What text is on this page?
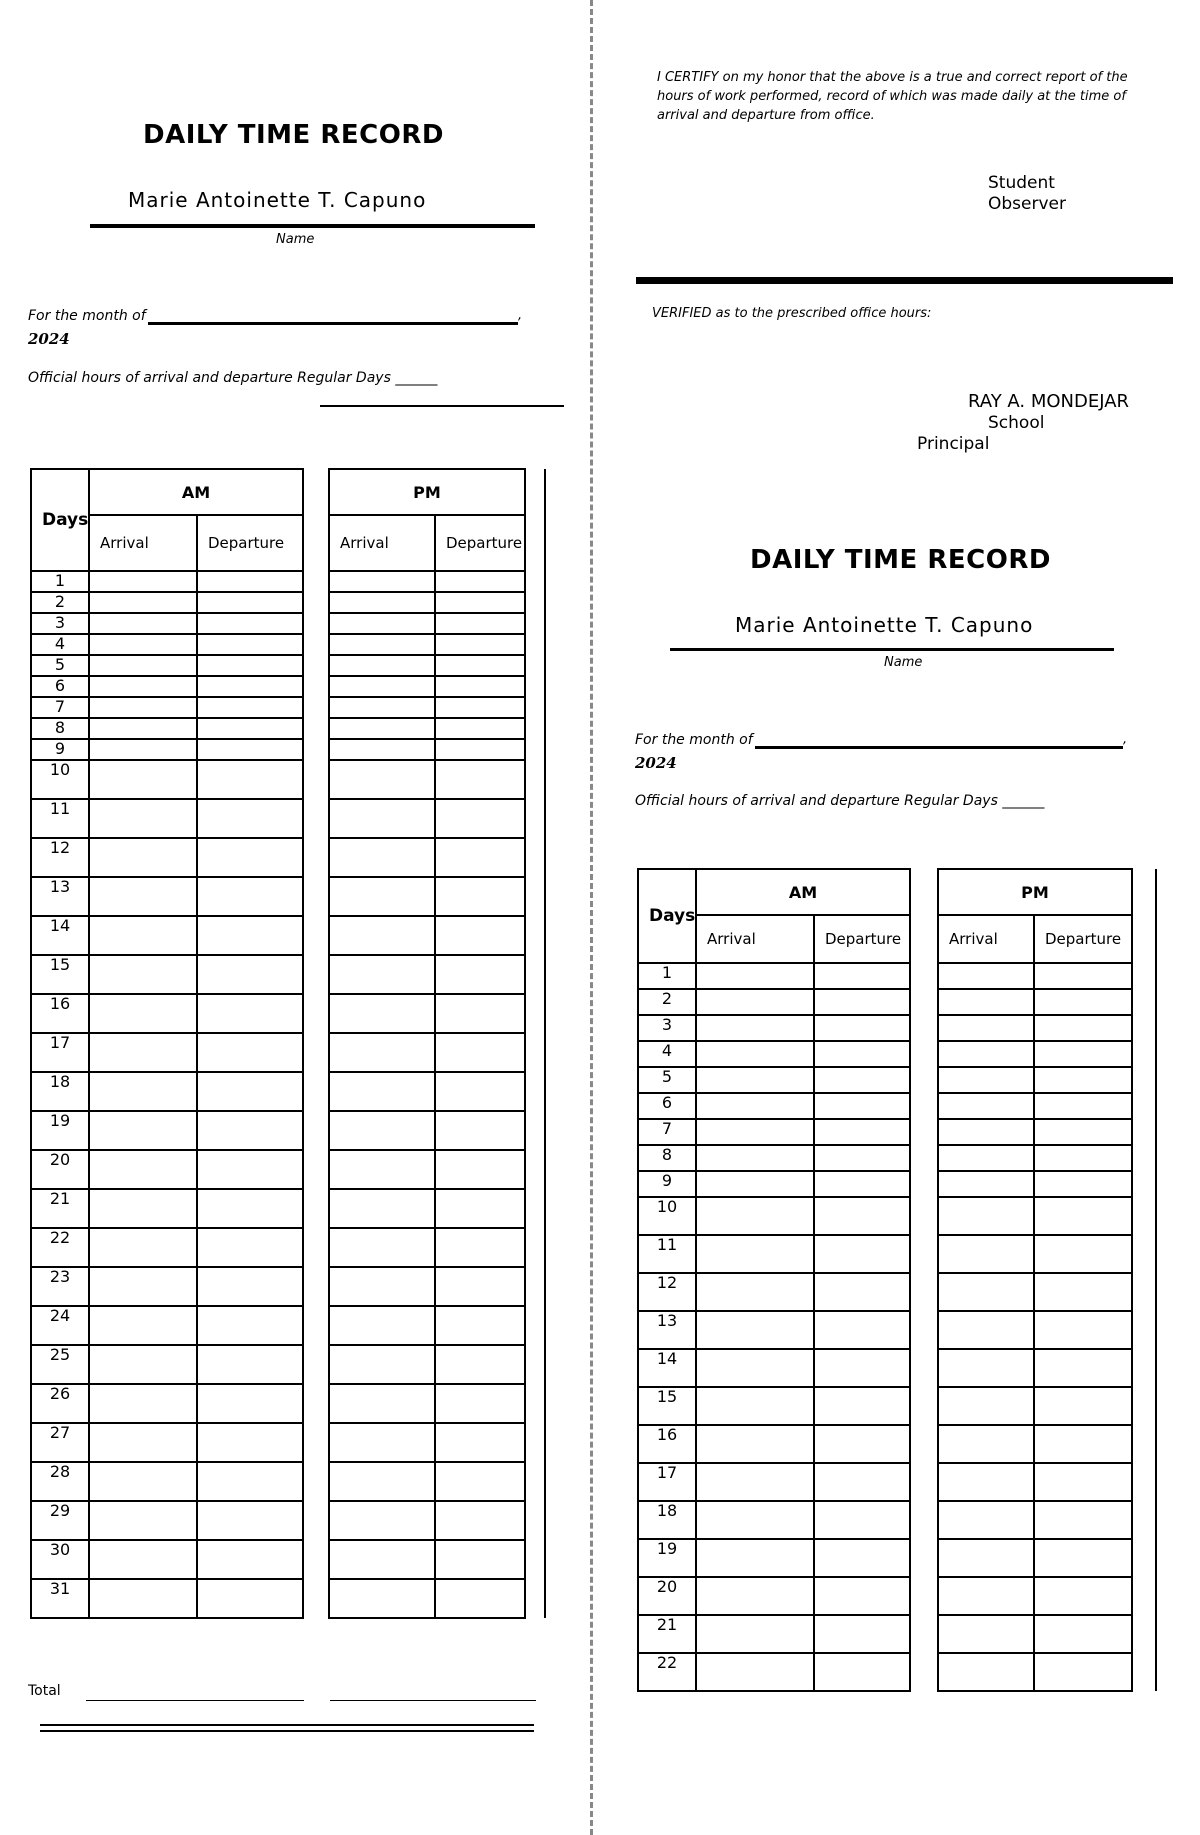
DAILY TIME RECORD
Marie Antoinette T. Capuno
Name
For the month of	,
2024
Official hours of arrival and departure Regular Days ______
Days	AM			PM		
	Arrival	Departure		Arrival	Departure	
1						
2						
3						
4						
5						
6						
7						
8						
9						
10						
11						
12						
13						
14						
15						
16						
17						
18						
19						
20						
21						
22						
23						
24						
25						
26						
27						
28						
29						
30						
31						
Total
I CERTIFY on my honor that the above is a true and correct report of the hours of work performed, record of which was made daily at the time of arrival and departure from office.
Student
Observer
VERIFIED as to the prescribed office hours:
RAY A. MONDEJAR
School
Principal
DAILY TIME RECORD
Marie Antoinette T. Capuno
Name
For the month of	,
2024
Official hours of arrival and departure Regular Days ______
Days	AM			PM		
	Arrival	Departure		Arrival	Departure	
1						
2						
3						
4						
5						
6						
7						
8						
9						
10						
11						
12						
13						
14						
15						
16						
17						
18						
19						
20						
21						
22						
